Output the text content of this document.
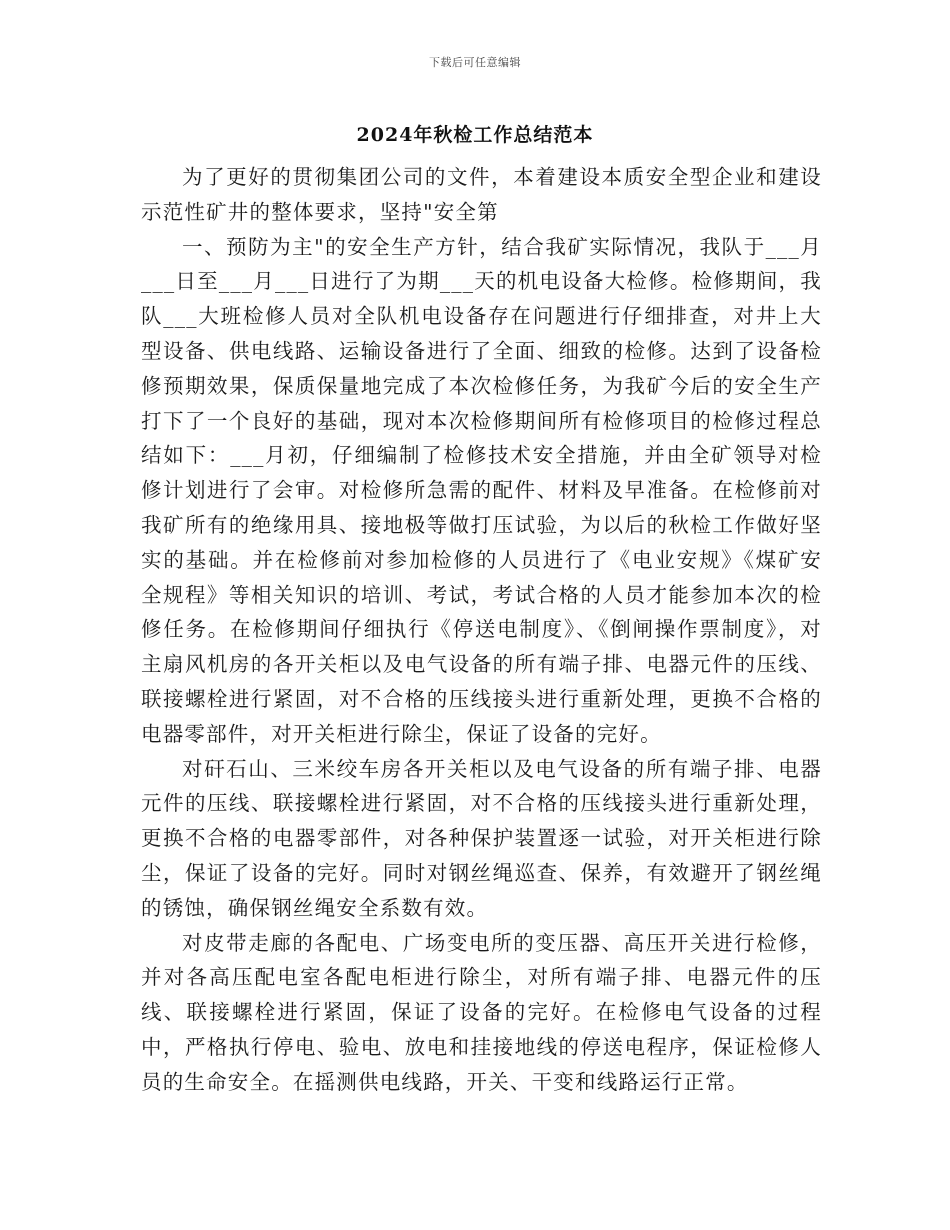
下载后可任意编辑
2024年秋检工作总结范本

为了更好的贯彻集团公司的文件，本着建设本质安全型企业和建设示范性矿井的整体要求，坚持"安全第

一、预防为主"的安全生产方针，结合我矿实际情况，我队于___月___日至___月___日进行了为期___天的机电设备大检修。检修期间，我队___大班检修人员对全队机电设备存在问题进行仔细排查，对井上大型设备、供电线路、运输设备进行了全面、细致的检修。达到了设备检修预期效果，保质保量地完成了本次检修任务，为我矿今后的安全生产打下了一个良好的基础，现对本次检修期间所有检修项目的检修过程总结如下：___月初，仔细编制了检修技术安全措施，并由全矿领导对检修计划进行了会审。对检修所急需的配件、材料及早准备。在检修前对我矿所有的绝缘用具、接地极等做打压试验，为以后的秋检工作做好坚实的基础。并在检修前对参加检修的人员进行了《电业安规》《煤矿安全规程》等相关知识的培训、考试，考试合格的人员才能参加本次的检修任务。在检修期间仔细执行《停送电制度》、《倒闸操作票制度》，对主扇风机房的各开关柜以及电气设备的所有端子排、电器元件的压线、联接螺栓进行紧固，对不合格的压线接头进行重新处理，更换不合格的电器零部件，对开关柜进行除尘，保证了设备的完好。

对矸石山、三米绞车房各开关柜以及电气设备的所有端子排、电器元件的压线、联接螺栓进行紧固，对不合格的压线接头进行重新处理，更换不合格的电器零部件，对各种保护装置逐一试验，对开关柜进行除尘，保证了设备的完好。同时对钢丝绳巡查、保养，有效避开了钢丝绳的锈蚀，确保钢丝绳安全系数有效。

对皮带走廊的各配电、广场变电所的变压器、高压开关进行检修，并对各高压配电室各配电柜进行除尘，对所有端子排、电器元件的压线、联接螺栓进行紧固，保证了设备的完好。在检修电气设备的过程中，严格执行停电、验电、放电和挂接地线的停送电程序，保证检修人员的生命安全。在摇测供电线路，开关、干变和线路运行正常。
